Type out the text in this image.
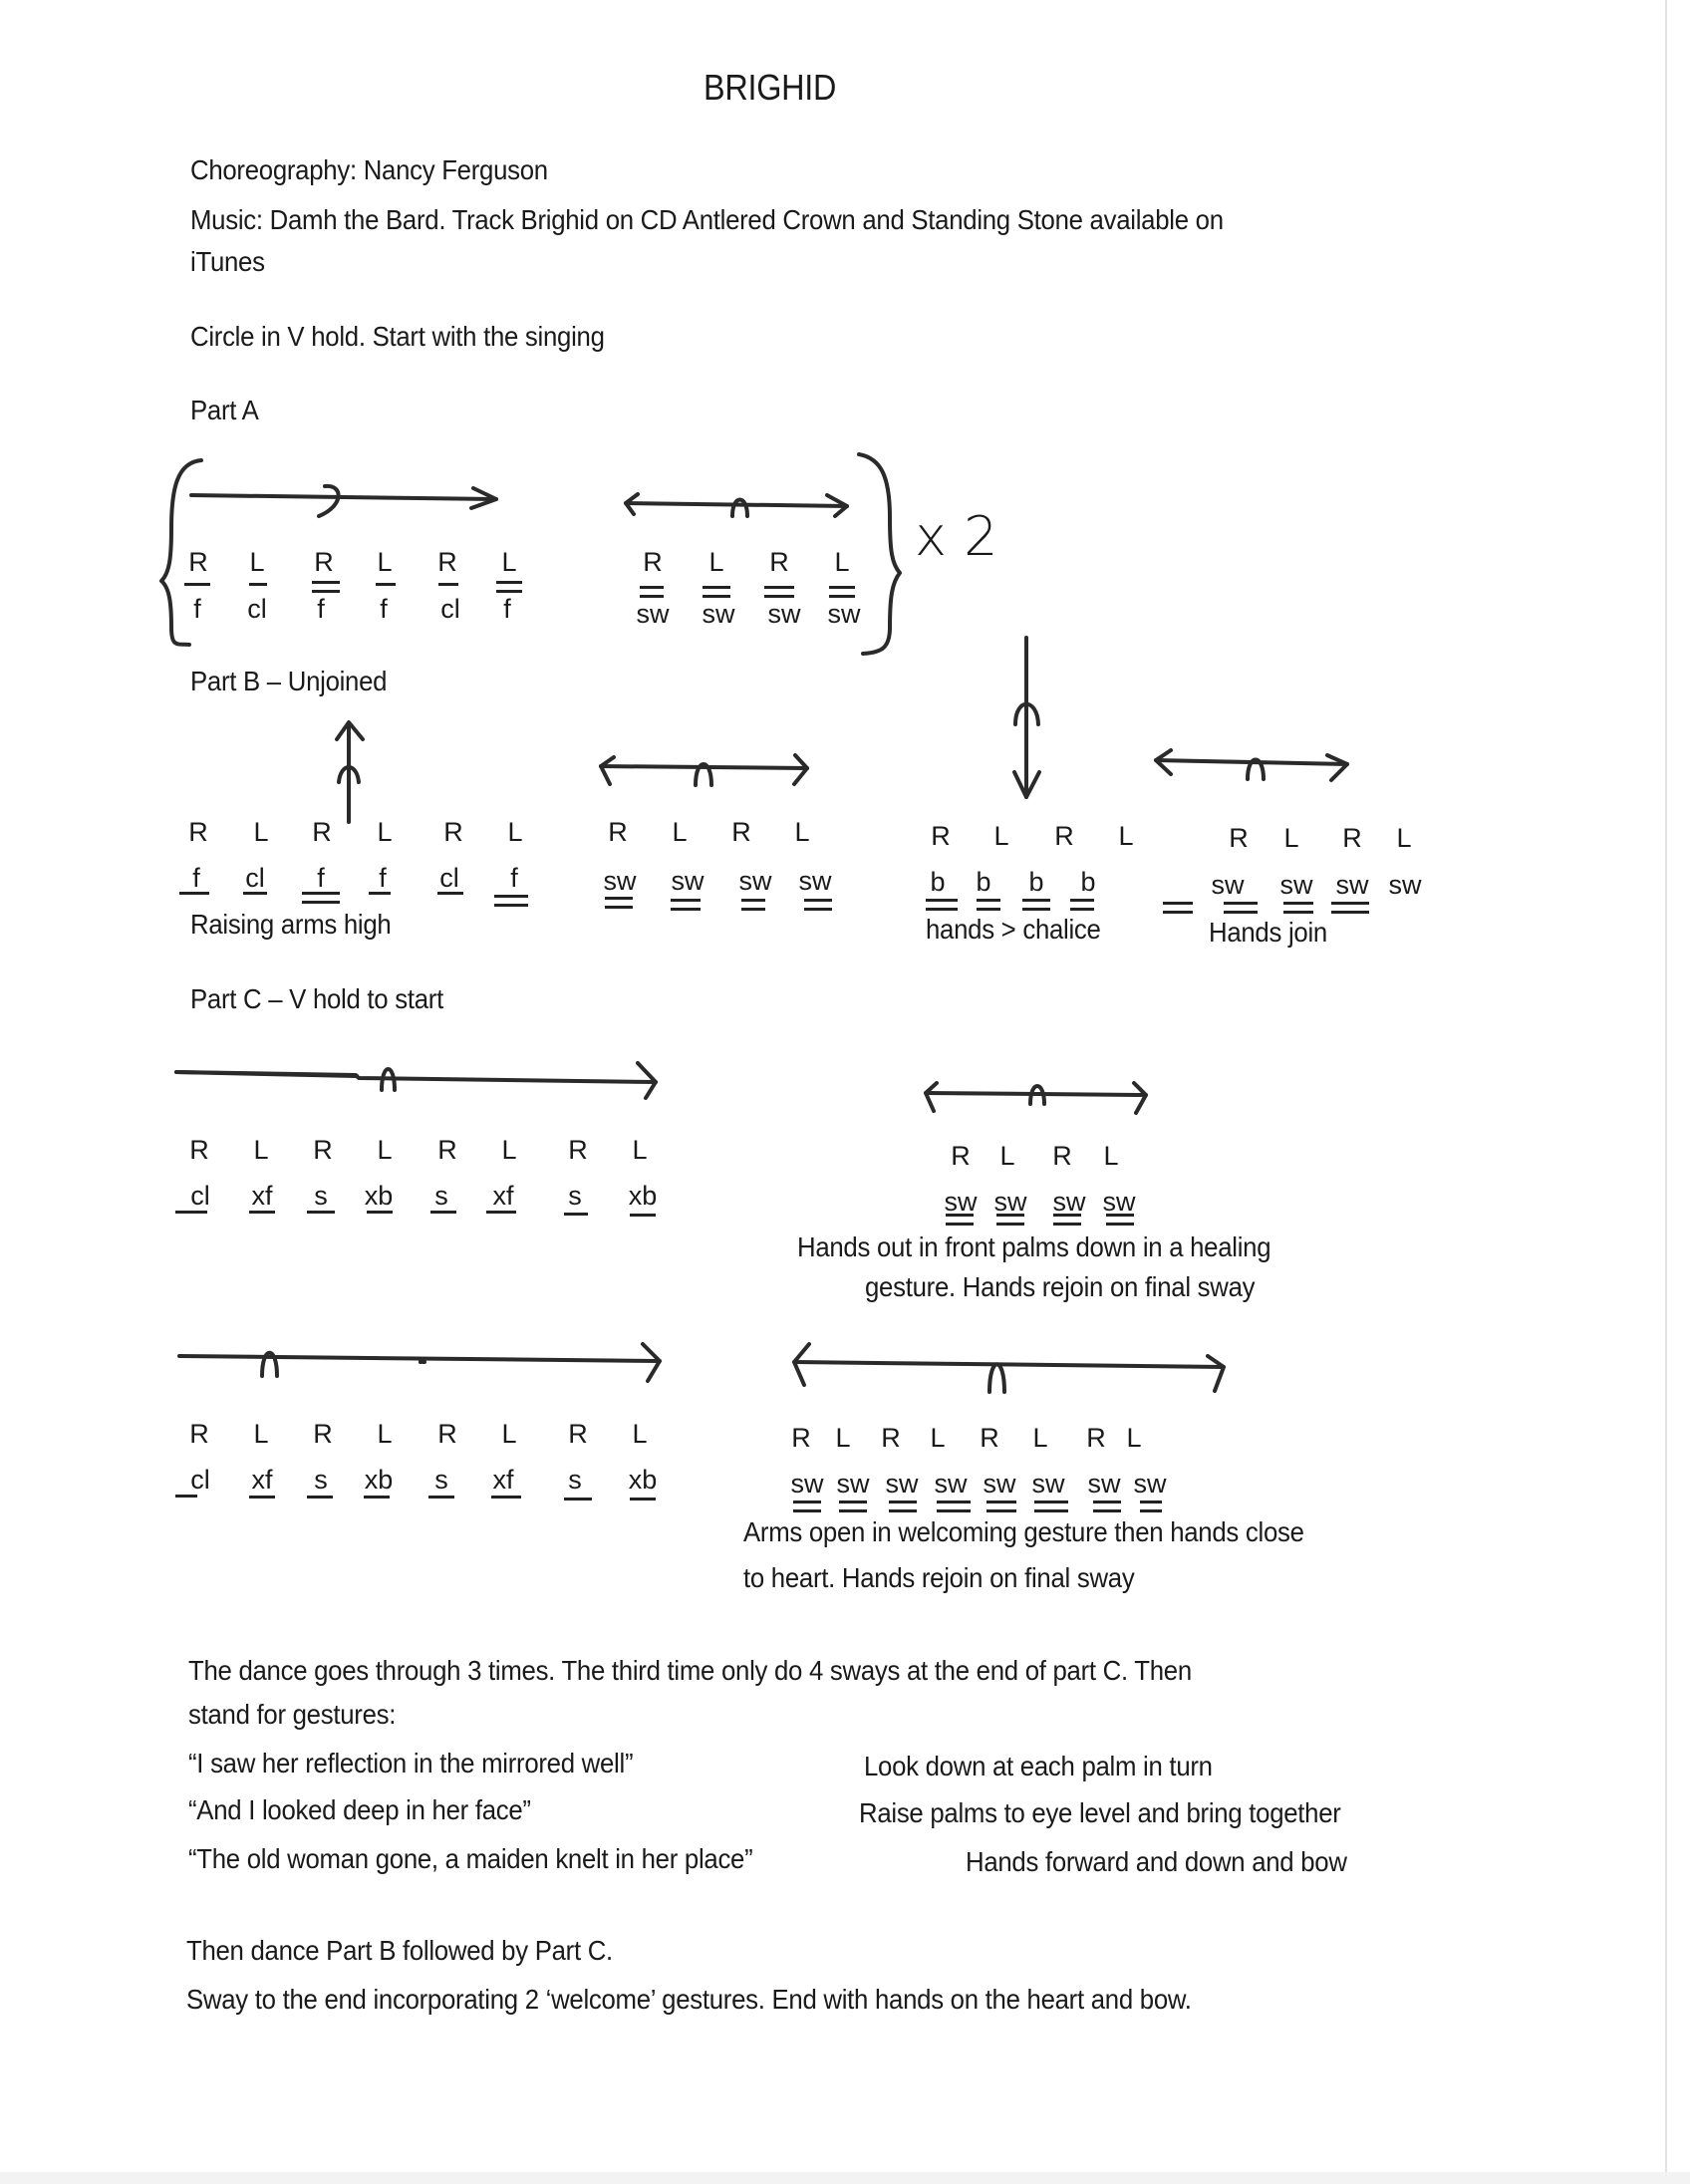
BRIGHID
Choreography: Nancy Ferguson
Music: Damh the Bard. Track Brighid on CD Antlered Crown and Standing Stone available on
iTunes
Circle in V hold. Start with the singing
Part A
x 2
R	L	R	L	R	L
f	cl	f	f	cl	f
R	L	R	L
sw	sw	sw	sw
Part B – Unjoined
R	L	R	L	R	L
f	cl	f	f	cl	f
Raising arms high
R	L	R	L
sw	sw	sw	sw
R	L	R	L
b	b	b	b
hands > chalice
R	L	R	L
sw	sw sw sw
Hands join
Part C – V hold to start
R	L	R	L	R	L	R	L
cl	xf	s	xb	s	xf	s	xb
R	L	R	L
sw sw sw sw
Hands out in front palms down in a healing
gesture. Hands rejoin on final sway
R	L	R	L	R	L	R	L
cl	xf	s	xb	s	xf	s	xb
R L	R	L	R	L	R L
sw sw sw sw sw sw sw sw
Arms open in welcoming gesture then hands close
to heart. Hands rejoin on final sway
The dance goes through 3 times. The third time only do 4 sways at the end of part C. Then
stand for gestures:
“I saw her reflection in the mirrored well”	Look down at each palm in turn
“And I looked deep in her face”	Raise palms to eye level and bring together
“The old woman gone, a maiden knelt in her place”	Hands forward and down and bow
Then dance Part B followed by Part C.
Sway to the end incorporating 2 ‘welcome’ gestures. End with hands on the heart and bow.
